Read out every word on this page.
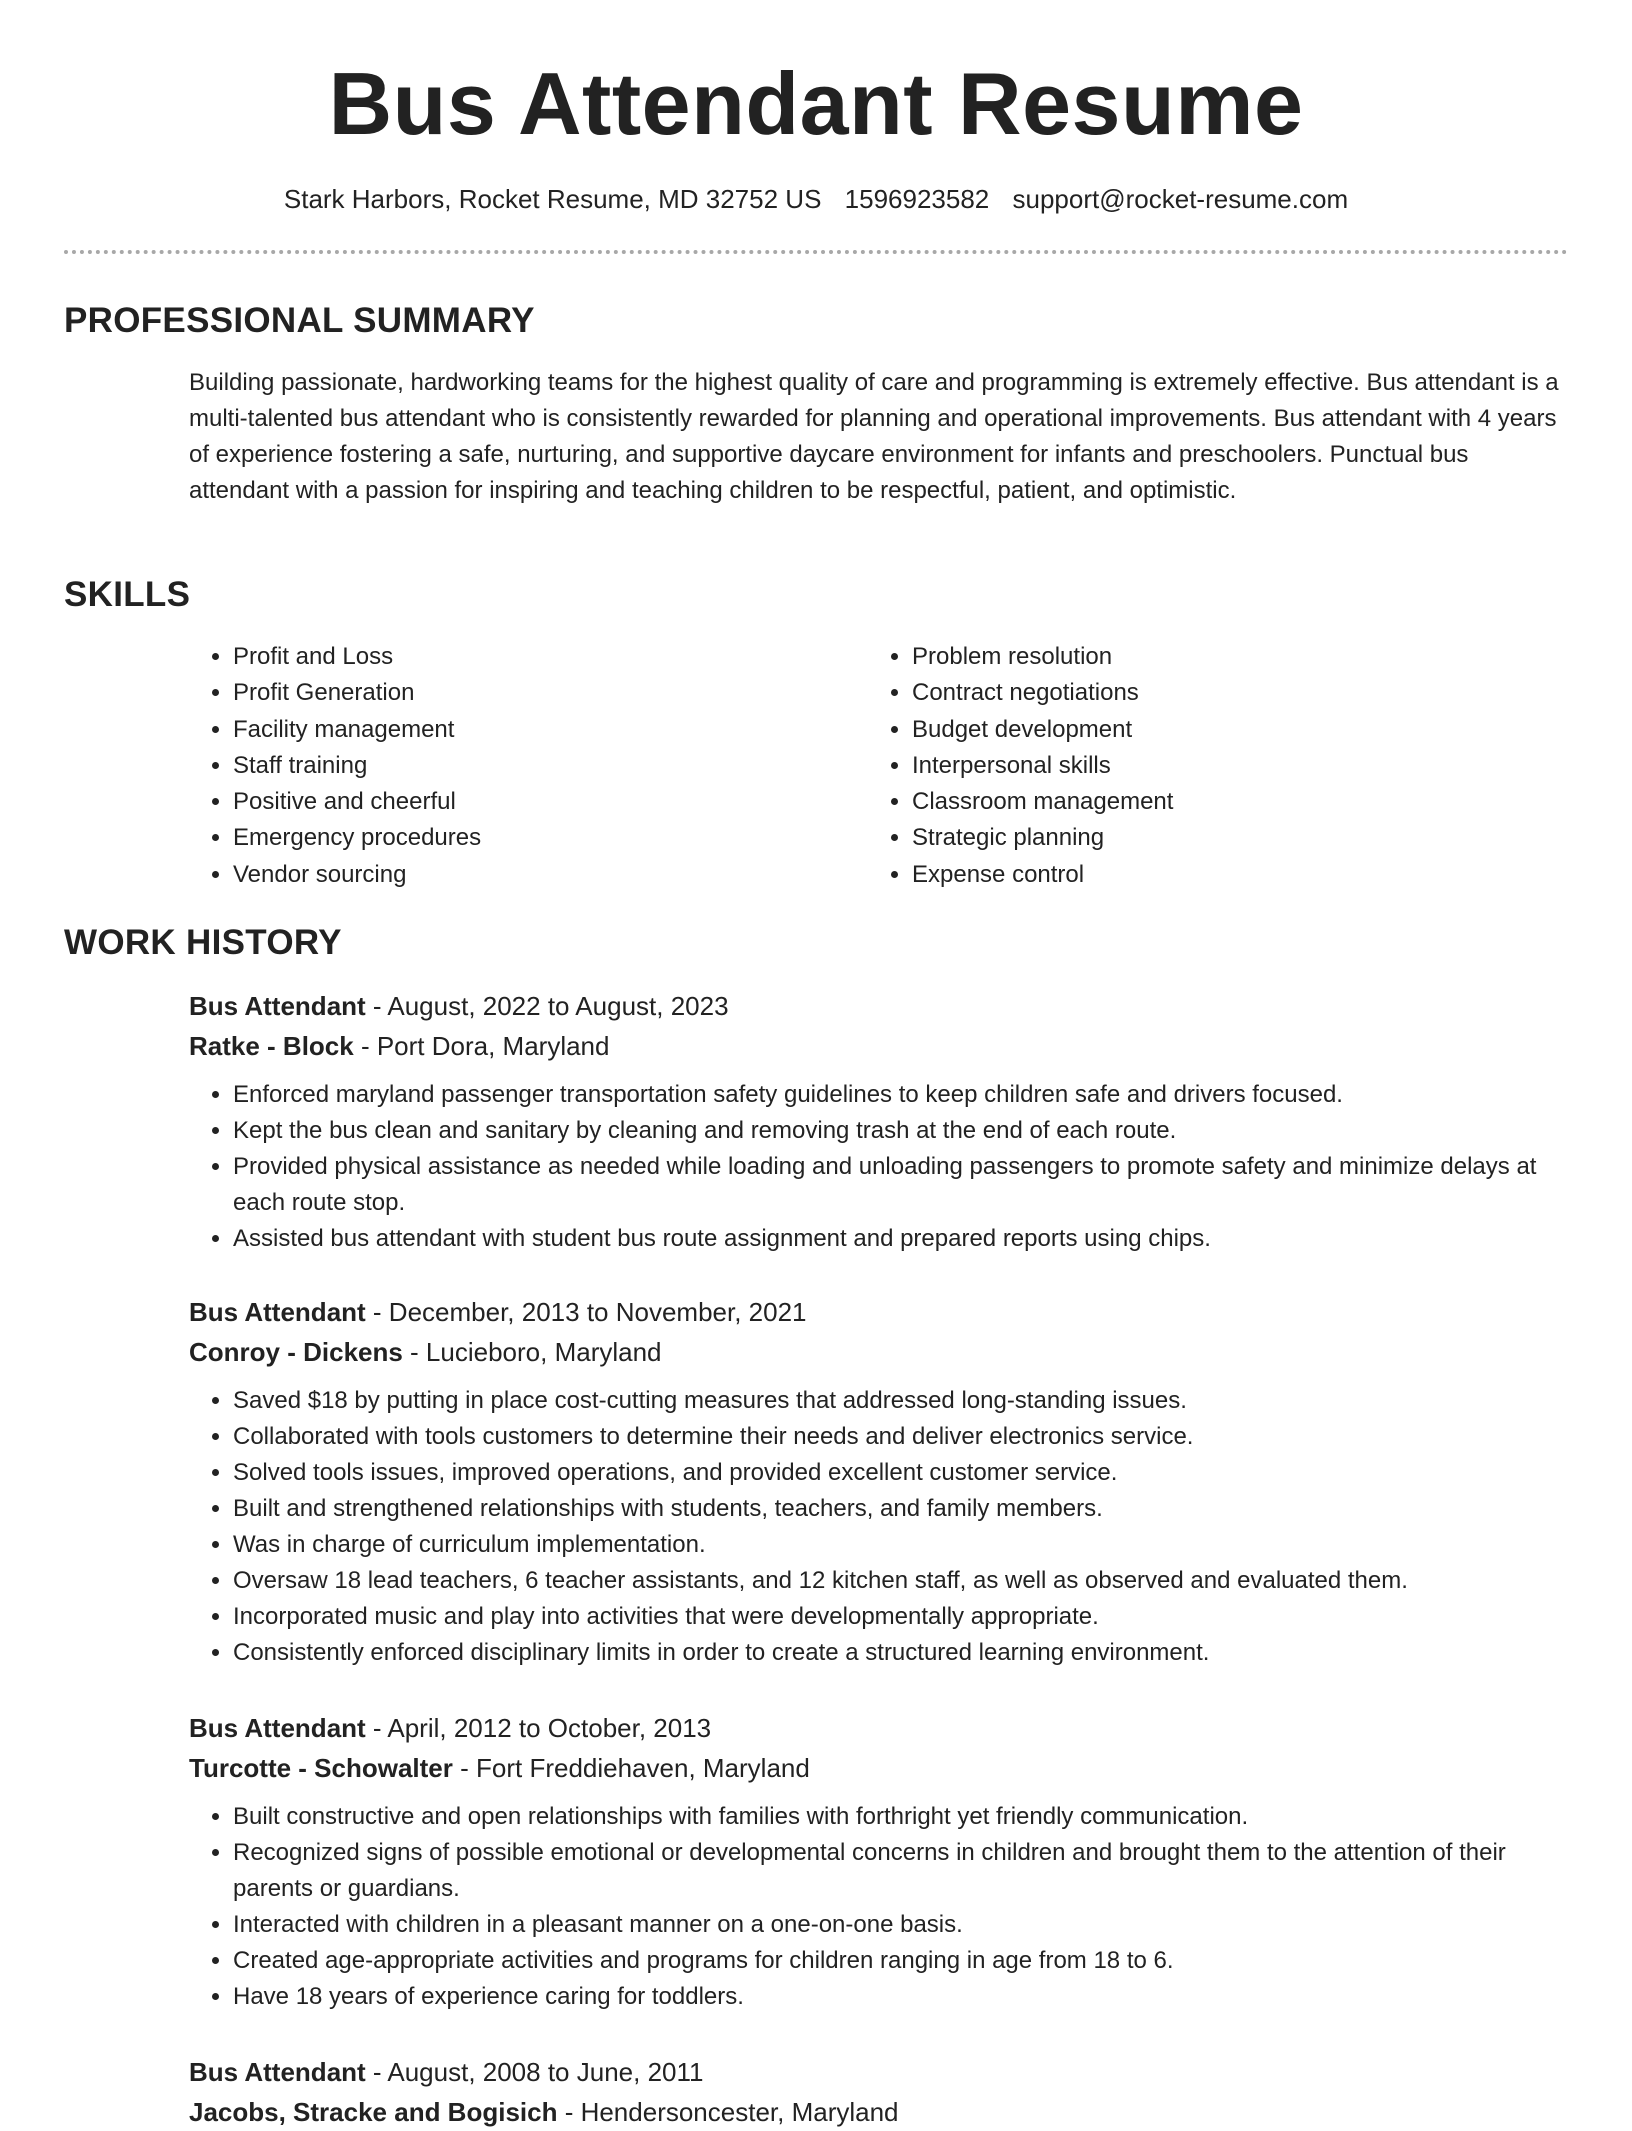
Bus Attendant Resume
Stark Harbors, Rocket Resume, MD 32752 US 1596923582 support@rocket-resume.com
PROFESSIONAL SUMMARY

Building passionate, hardworking teams for the highest quality of care and programming is extremely effective. Bus attendant is a multi-talented bus attendant who is consistently rewarded for planning and operational improvements. Bus attendant with 4 years of experience fostering a safe, nurturing, and supportive daycare environment for infants and preschoolers. Punctual bus attendant with a passion for inspiring and teaching children to be respectful, patient, and optimistic.

SKILLS
• Profit and Loss
• Profit Generation
• Facility management
• Staff training
• Positive and cheerful
• Emergency procedures
• Vendor sourcing
• Problem resolution
• Contract negotiations
• Budget development
• Interpersonal skills
• Classroom management
• Strategic planning
• Expense control
WORK HISTORY

Bus Attendant - August, 2022 to August, 2023

Ratke - Block - Port Dora, Maryland

• Enforced maryland passenger transportation safety guidelines to keep children safe and drivers focused.
• Kept the bus clean and sanitary by cleaning and removing trash at the end of each route.
• Provided physical assistance as needed while loading and unloading passengers to promote safety and minimize delays at each route stop.
• Assisted bus attendant with student bus route assignment and prepared reports using chips.

Bus Attendant - December, 2013 to November, 2021

Conroy - Dickens - Lucieboro, Maryland

• Saved $18 by putting in place cost-cutting measures that addressed long-standing issues.
• Collaborated with tools customers to determine their needs and deliver electronics service.
• Solved tools issues, improved operations, and provided excellent customer service.
• Built and strengthened relationships with students, teachers, and family members.
• Was in charge of curriculum implementation.
• Oversaw 18 lead teachers, 6 teacher assistants, and 12 kitchen staff, as well as observed and evaluated them.
• Incorporated music and play into activities that were developmentally appropriate.
• Consistently enforced disciplinary limits in order to create a structured learning environment.

Bus Attendant - April, 2012 to October, 2013

Turcotte - Schowalter - Fort Freddiehaven, Maryland

• Built constructive and open relationships with families with forthright yet friendly communication.
• Recognized signs of possible emotional or developmental concerns in children and brought them to the attention of their parents or guardians.
• Interacted with children in a pleasant manner on a one-on-one basis.
• Created age-appropriate activities and programs for children ranging in age from 18 to 6.
• Have 18 years of experience caring for toddlers.

Bus Attendant - August, 2008 to June, 2011

Jacobs, Stracke and Bogisich - Hendersoncester, Maryland
